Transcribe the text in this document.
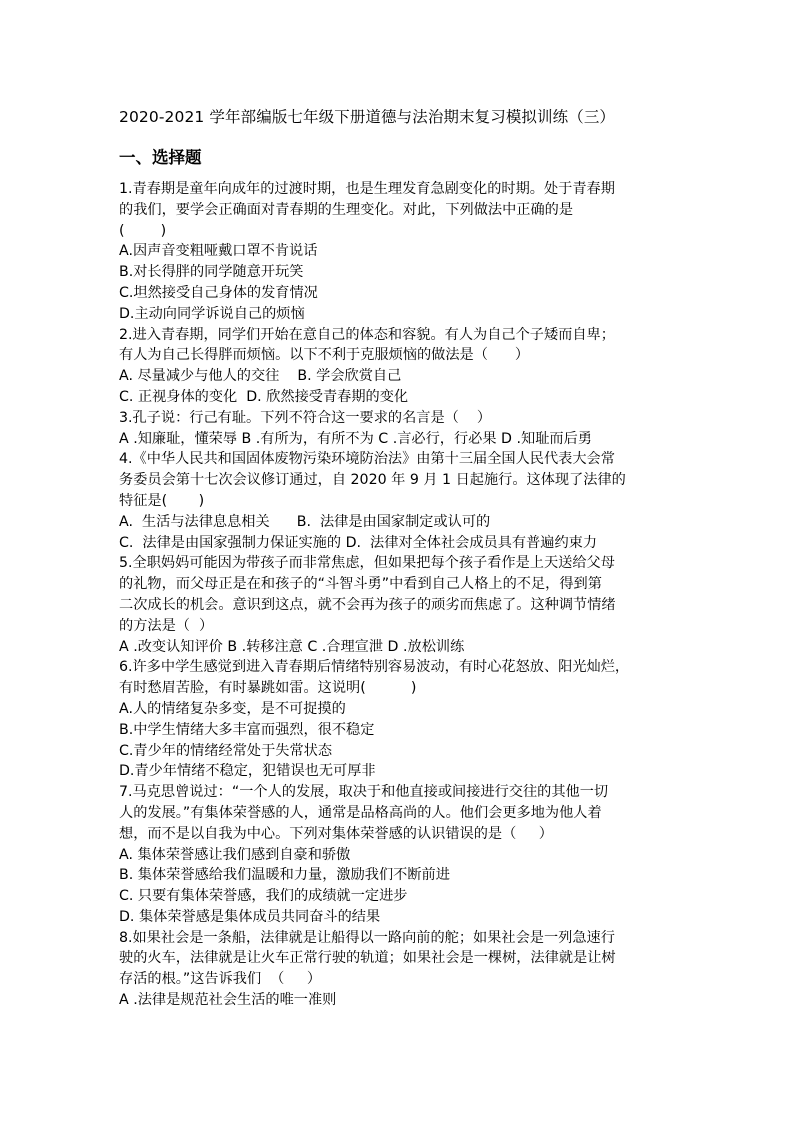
2020-2021 学年部编版七年级下册道德与法治期末复习模拟训练（三）
一、选择题
1.青春期是童年向成年的过渡时期，也是生理发育急剧变化的时期。处于青春期
的我们，要学会正确面对青春期的生理变化。对此，下列做法中正确的是
(        )
A.因声音变粗哑戴口罩不肯说话
B.对长得胖的同学随意开玩笑
C.坦然接受自己身体的发育情况
D.主动向同学诉说自己的烦恼
2.进入青春期，同学们开始在意自己的体态和容貌。有人为自己个子矮而自卑；
有人为自己长得胖而烦恼。以下不利于克服烦恼的做法是（      ）
A. 尽量减少与他人的交往    B. 学会欣赏自己
C. 正视身体的变化  D. 欣然接受青春期的变化
3.孔子说：行己有耻。下列不符合这一要求的名言是（    ）
A .知廉耻，懂荣辱 B .有所为，有所不为 C .言必行，行必果 D .知耻而后勇
4.《中华人民共和国固体废物污染环境防治法》由第十三届全国人民代表大会常
务委员会第十七次会议修订通过，自 2020 年 9 月 1 日起施行。这体现了法律的
特征是(       )
A.  生活与法律息息相关      B.  法律是由国家制定或认可的
C.  法律是由国家强制力保证实施的 D.  法律对全体社会成员具有普遍约束力
5.全职妈妈可能因为带孩子而非常焦虑，但如果把每个孩子看作是上天送给父母
的礼物，而父母正是在和孩子的“斗智斗勇”中看到自己人格上的不足，得到第
二次成长的机会。意识到这点，就不会再为孩子的顽劣而焦虑了。这种调节情绪
的方法是（  ）
A .改变认知评价 B .转移注意 C .合理宣泄 D .放松训练
6.许多中学生感觉到进入青春期后情绪特别容易波动，有时心花怒放、阳光灿烂，
有时愁眉苦脸，有时暴跳如雷。这说明(          )
A.人的情绪复杂多变，是不可捉摸的
B.中学生情绪大多丰富而强烈，很不稳定
C.青少年的情绪经常处于失常状态
D.青少年情绪不稳定，犯错误也无可厚非
7.马克思曾说过：“一个人的发展，取决于和他直接或间接进行交往的其他一切
人的发展。”有集体荣誉感的人，通常是品格高尚的人。他们会更多地为他人着
想，而不是以自我为中心。下列对集体荣誉感的认识错误的是（     ）
A. 集体荣誉感让我们感到自豪和骄傲
B. 集体荣誉感给我们温暖和力量，激励我们不断前进
C. 只要有集体荣誉感，我们的成绩就一定进步
D. 集体荣誉感是集体成员共同奋斗的结果
8.如果社会是一条船，法律就是让船得以一路向前的舵；如果社会是一列急速行
驶的火车，法律就是让火车正常行驶的轨道；如果社会是一棵树，法律就是让树
存活的根。”这告诉我们  （     ）
A .法律是规范社会生活的唯一准则
